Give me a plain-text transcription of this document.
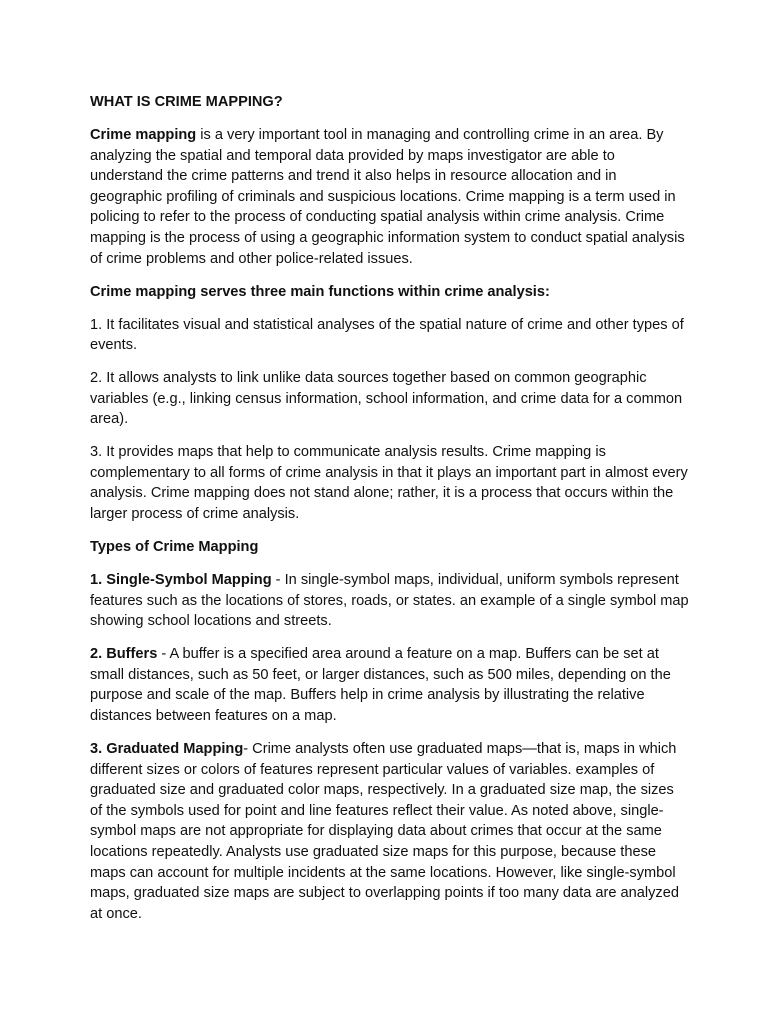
WHAT IS CRIME MAPPING?

Crime mapping is a very important tool in managing and controlling crime in an area. By analyzing the spatial and temporal data provided by maps investigator are able to understand the crime patterns and trend it also helps in resource allocation and in geographic profiling of criminals and suspicious locations. Crime mapping is a term used in policing to refer to the process of conducting spatial analysis within crime analysis. Crime mapping is the process of using a geographic information system to conduct spatial analysis of crime problems and other police-related issues.

Crime mapping serves three main functions within crime analysis:

1. It facilitates visual and statistical analyses of the spatial nature of crime and other types of events.

2. It allows analysts to link unlike data sources together based on common geographic variables (e.g., linking census information, school information, and crime data for a common area).

3. It provides maps that help to communicate analysis results. Crime mapping is complementary to all forms of crime analysis in that it plays an important part in almost every analysis. Crime mapping does not stand alone; rather, it is a process that occurs within the larger process of crime analysis.

Types of Crime Mapping

1. Single-Symbol Mapping - In single-symbol maps, individual, uniform symbols represent features such as the locations of stores, roads, or states. an example of a single symbol map showing school locations and streets.

2. Buffers - A buffer is a specified area around a feature on a map. Buffers can be set at small distances, such as 50 feet, or larger distances, such as 500 miles, depending on the purpose and scale of the map. Buffers help in crime analysis by illustrating the relative distances between features on a map.

3. Graduated Mapping- Crime analysts often use graduated maps—that is, maps in which different sizes or colors of features represent particular values of variables. examples of graduated size and graduated color maps, respectively. In a graduated size map, the sizes of the symbols used for point and line features reflect their value. As noted above, single-symbol maps are not appropriate for displaying data about crimes that occur at the same locations repeatedly. Analysts use graduated size maps for this purpose, because these maps can account for multiple incidents at the same locations. However, like single-symbol maps, graduated size maps are subject to overlapping points if too many data are analyzed at once.
